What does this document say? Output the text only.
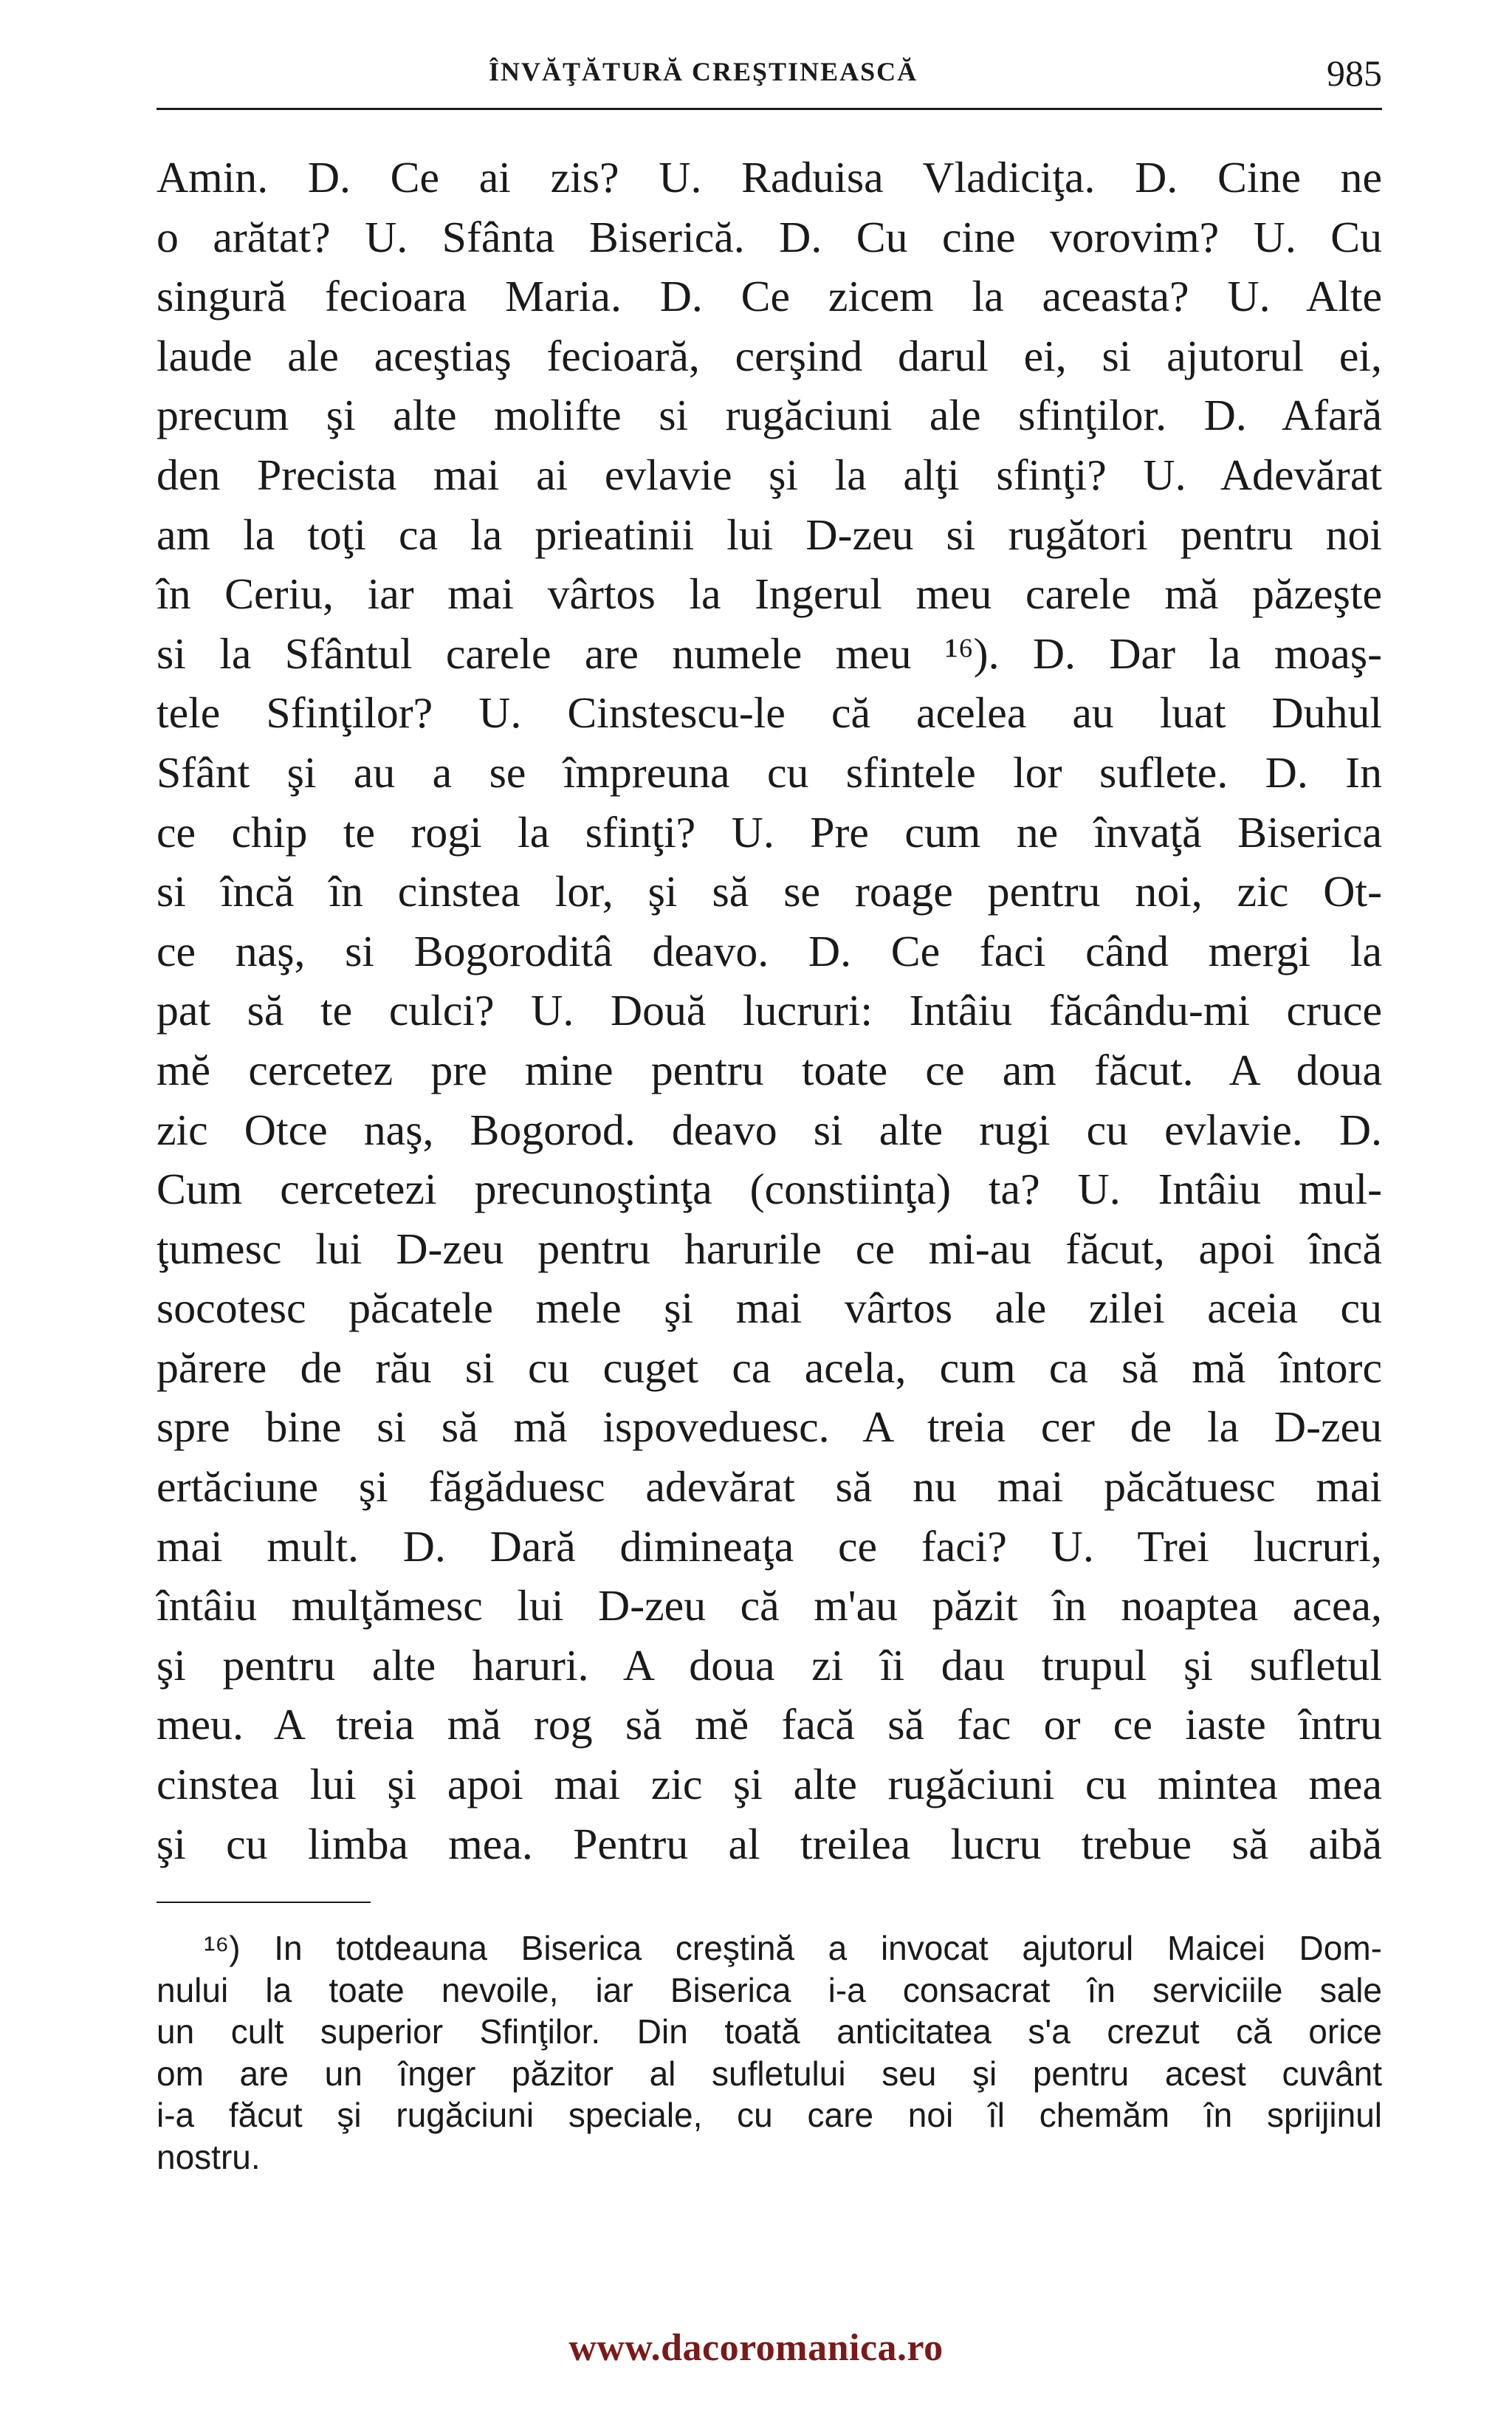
ÎNVĂŢĂTURĂ CREŞTINEASCĂ	985
Amin. D. Ce ai zis? U. Raduisa Vladiciţa. D. Cine ne
o arătat? U. Sfânta Biserică. D. Cu cine vorovim? U. Cu
singură fecioara Maria. D. Ce zicem la aceasta? U. Alte
laude ale aceştiaş fecioară, cerşind darul ei, si ajutorul ei,
precum şi alte molifte si rugăciuni ale sfinţilor. D. Afară
den Precista mai ai evlavie şi la alţi sfinţi? U. Adevărat
am la toţi ca la prieatinii lui D-zeu si rugători pentru noi
în Ceriu, iar mai vârtos la Ingerul meu carele mă păzeşte
si la Sfântul carele are numele meu ¹⁶). D. Dar la moaş-
tele Sfinţilor? U. Cinstescu-le că acelea au luat Duhul
Sfânt şi au a se împreuna cu sfintele lor suflete. D. In
ce chip te rogi la sfinţi? U. Pre cum ne învaţă Biserica
si încă în cinstea lor, şi să se roage pentru noi, zic Ot-
ce naş, si Bogoroditâ deavo. D. Ce faci când mergi la
pat să te culci? U. Două lucruri: Intâiu făcându-mi cruce
mĕ cercetez pre mine pentru toate ce am făcut. A doua
zic Otce naş, Bogorod. deavo si alte rugi cu evlavie. D.
Cum cercetezi precunoştinţa (constiinţa) ta? U. Intâiu mul-
ţumesc lui D-zeu pentru harurile ce mi-au făcut, apoi încă
socotesc păcatele mele şi mai vârtos ale zilei aceia cu
părere de rău si cu cuget ca acela, cum ca să mă întorc
spre bine si să mă ispoveduesc. A treia cer de la D-zeu
ertăciune şi făgăduesc adevărat să nu mai păcătuesc mai
mai mult. D. Dară dimineaţa ce faci? U. Trei lucruri,
întâiu mulţămesc lui D-zeu că m'au păzit în noaptea acea,
şi pentru alte haruri. A doua zi îi dau trupul şi sufletul
meu. A treia mă rog să mĕ facă să fac or ce iaste întru
cinstea lui şi apoi mai zic şi alte rugăciuni cu mintea mea
şi cu limba mea. Pentru al treilea lucru trebue să aibă
¹⁶) In totdeauna Biserica creştină a invocat ajutorul Maicei Dom-
nului la toate nevoile, iar Biserica i-a consacrat în serviciile sale
un cult superior Sfinţilor. Din toată anticitatea s'a crezut că orice
om are un înger păzitor al sufletului seu şi pentru acest cuvânt
i-a făcut şi rugăciuni speciale, cu care noi îl chemăm în sprijinul
nostru.
www.dacoromanica.ro
